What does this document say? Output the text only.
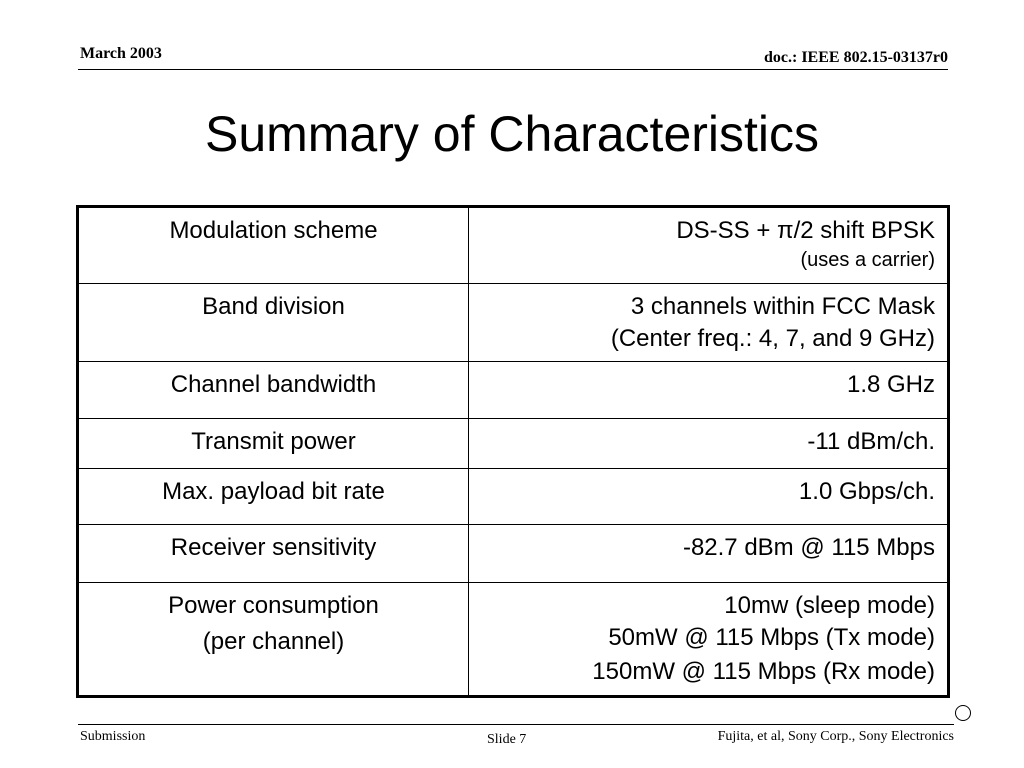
March 2003	doc.: IEEE 802.15-03137r0
Summary of Characteristics
Modulation scheme	DS-SS + π/2 shift BPSK
(uses a carrier)

Band division	3 channels within FCC Mask
(Center freq.: 4, 7, and 9 GHz)

Channel bandwidth	1.8 GHz

Transmit power	-11 dBm/ch.

Max. payload bit rate	1.0 Gbps/ch.

Receiver sensitivity	-82.7 dBm @ 115 Mbps

Power consumption
(per channel)	10mw (sleep mode)
50mW @ 115 Mbps (Tx mode)
150mW @ 115 Mbps (Rx mode)
Submission	Slide 7	Fujita, et al, Sony Corp., Sony Electronics
